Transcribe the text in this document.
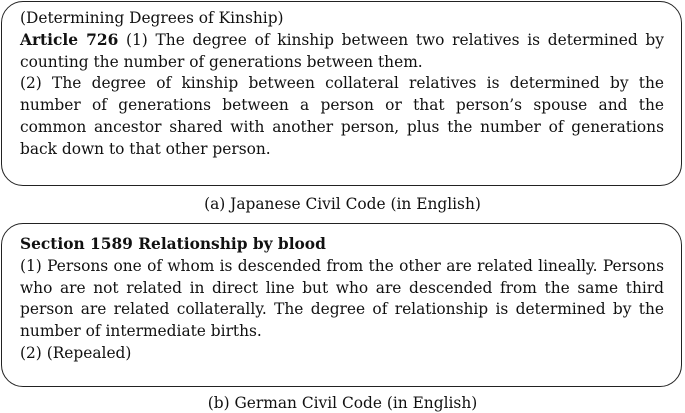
(Determining Degrees of Kinship)

Article 726 (1) The degree of kinship between two relatives is determined by counting the number of generations between them.

(2) The degree of kinship between collateral relatives is determined by the number of generations between a person or that person’s spouse and the common ancestor shared with another person, plus the number of generations back down to that other person.

(a) Japanese Civil Code (in English)

Section 1589 Relationship by blood

(1) Persons one of whom is descended from the other are related lineally. Persons who are not related in direct line but who are descended from the same third person are related collaterally. The degree of relationship is determined by the number of intermediate births.

(2) (Repealed)

(b) German Civil Code (in English)
